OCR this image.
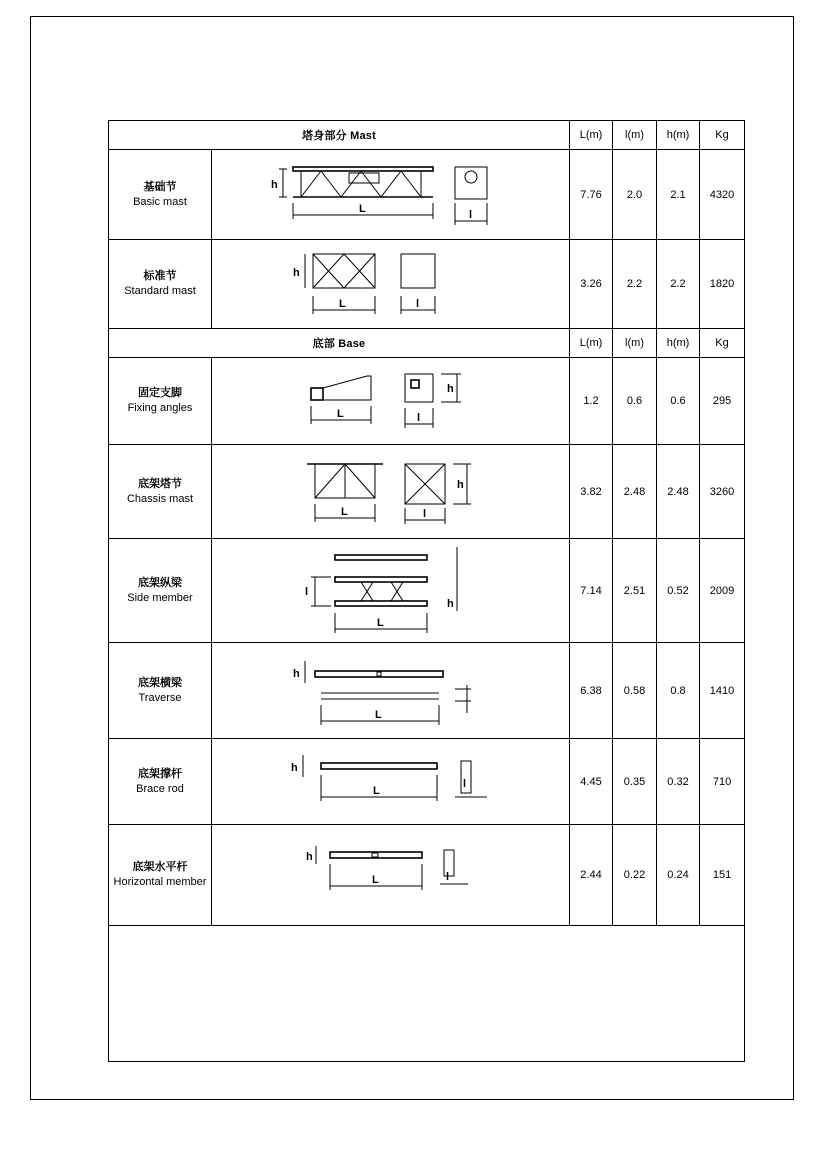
塔身部分 Mast		L(m)	l(m)	h(m)	Kg

基础节
Basic mast	h
L l	7.76	2.0	2.1	4320

标准节
Standard mast	h
L l	3.26	2.2	2.2	1820
底部 Base		L(m)	l(m)	h(m)	Kg

固定支脚
Fixing angles	L
h
l	1.2	0.6	0.6	295

底架塔节
Chassis mast	L
h
l	3.82	2.48	2.48	3260

底架纵梁
Side member	l
h
L	7.14	2.51	0.52	2009

底架横梁
Traverse	h
L	6.38	0.58	0.8	1410

底架撑杆
Brace rod	h
L
l	4.45	0.35	0.32	710

底架水平杆
Horizontal member	h
L l	2.44	0.22	0.24	151
